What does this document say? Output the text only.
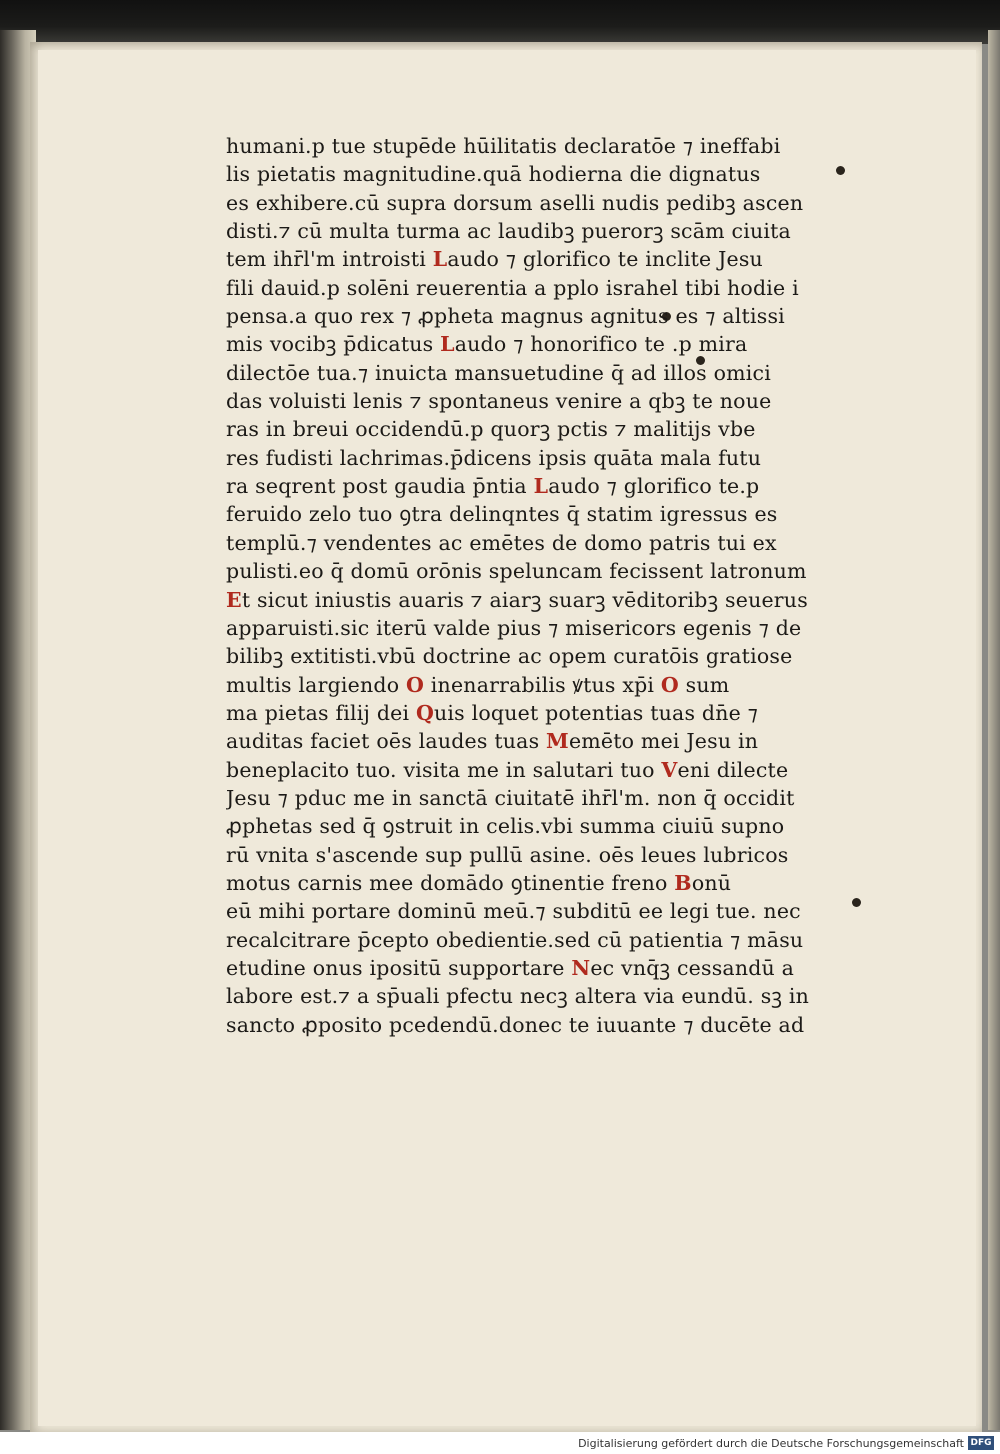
humani.p tue stupēde hūilitatis declaratōe ⁊ ineffabi
lis pietatis magnitudine.quā hodierna die dignatus
es exhibere.cū supra dorsum aselli nudis pedibꝫ ascen
disti.⁊ cū multa turma ac laudibꝫ puerorꝫ scām ciuita
tem ihr̄l'm introisti Laudo ⁊ glorifico te inclite Jesu
fili dauid.p solēni reuerentia a pplo israhel tibi hodie i
pensa.a quo rex ⁊ ꝓpheta magnus agnitus es ⁊ altissi
mis vocibꝫ p̄dicatus Laudo ⁊ honorifico te .p mira
dilectōe tua.⁊ inuicta mansuetudine q̄ ad illos omici
das voluisti lenis ⁊ spontaneus venire a qbꝫ te noue
ras in breui occidendū.p quorꝫ pctis ⁊ malitijs vbe
res fudisti lachrimas.p̄dicens ipsis quāta mala futu
ra seqrent post gaudia p̄ntia Laudo ⁊ glorifico te.p
feruido zelo tuo ꝯtra delinqntes q̄ statim igressus es
templū.⁊ vendentes ac emētes de domo patris tui ex
pulisti.eo q̄ domū orōnis speluncam fecissent latronum
Et sicut iniustis auaris ⁊ aiarꝫ suarꝫ vēditoribꝫ seuerus
apparuisti.sic iterū valde pius ⁊ misericors egenis ⁊ de
bilibꝫ extitisti.vbū doctrine ac opem curatōis gratiose
multis largiendo O inenarrabilis ꝟtus xp̄i O sum
ma pietas filij dei Quis loquet potentias tuas dn̄e ⁊
auditas faciet oēs laudes tuas Memēto mei Jesu in
beneplacito tuo. visita me in salutari tuo Veni dilecte
Jesu ⁊ pduc me in sanctā ciuitatē ihr̄l'm. non q̄ occidit
ꝓphetas sed q̄ ꝯstruit in celis.vbi summa ciuiū supno
rū vnita s'ascende sup pullū asine. oēs leues lubricos
motus carnis mee domādo ꝯtinentie freno Bonū
eū mihi portare dominū meū.⁊ subditū ee legi tue. nec
recalcitrare p̄cepto obedientie.sed cū patientia ⁊ māsu
etudine onus ipositū supportare Nec vnq̄ꝫ cessandū a
labore est.⁊ a sp̄uali pfectu necꝫ altera via eundū. sꝫ in
sancto ꝓposito pcedendū.donec te iuuante ⁊ ducēte ad
Digitalisierung gefördert durch die Deutsche Forschungsgemeinschaft DFG
